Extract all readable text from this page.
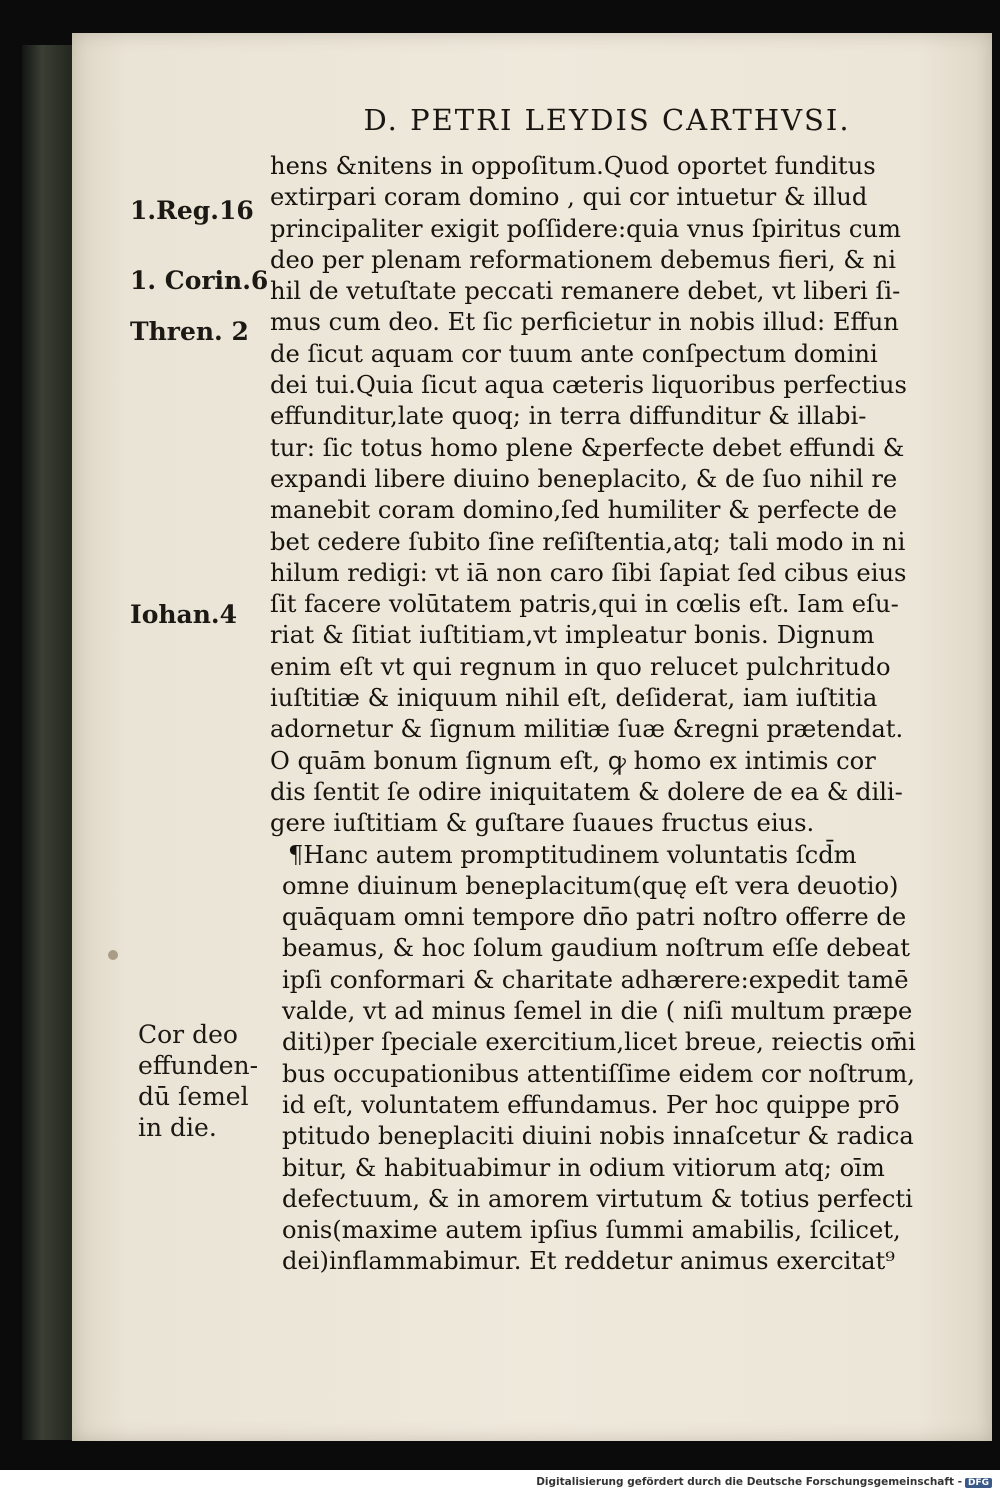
D. PETRI LEYDIS CARTHVSI.
1.Reg.16
1. Corin.6
Thren. 2
Iohan.4
Cor deo
effunden-
dū ſemel
in die.
hens &nitens in oppoſitum.Quod oportet funditus
extirpari coram domino , qui cor intuetur & illud
principaliter exigit poſſidere:quia vnus ſpiritus cum
deo per plenam reformationem debemus fieri, & ni
hil de vetuſtate peccati remanere debet, vt liberi ſi-
mus cum deo. Et ſic perficietur in nobis illud: Effun
de ſicut aquam cor tuum ante conſpectum domini
dei tui.Quia ſicut aqua cæteris liquoribus perfectius
effunditur,late quoq; in terra diffunditur & illabi-
tur: ſic totus homo plene &perfecte debet effundi &
expandi libere diuino beneplacito, & de ſuo nihil re
manebit coram domino,ſed humiliter & perfecte de
bet cedere ſubito ſine reſiſtentia,atq; tali modo in ni
hilum redigi: vt iā non caro ſibi ſapiat ſed cibus eius
ſit facere volūtatem patris,qui in cœlis eſt. Iam eſu-
riat & ſitiat iuſtitiam,vt impleatur bonis. Dignum
enim eſt vt qui regnum in quo relucet pulchritudo
iuſtitiæ & iniquum nihil eſt, deſiderat, iam iuſtitia
adornetur & ſignum militiæ ſuæ &regni prætendat.
O quām bonum ſignum eſt, ꝙ homo ex intimis cor
dis ſentit ſe odire iniquitatem & dolere de ea & dili-
gere iuſtitiam & guſtare ſuaues fructus eius.
¶Hanc autem promptitudinem voluntatis ſcd̄m
omne diuinum beneplacitum(quę eſt vera deuotio)
quāquam omni tempore dn̄o patri noſtro offerre de
beamus, & hoc ſolum gaudium noſtrum eſſe debeat
ipſi conformari & charitate adhærere:expedit tamē
valde, vt ad minus ſemel in die ( niſi multum præpe
diti)per ſpeciale exercitium,licet breue, reiectis om̄i
bus occupationibus attentiſſime eidem cor noſtrum,
id eſt, voluntatem effundamus. Per hoc quippe prō
ptitudo beneplaciti diuini nobis innaſcetur & radica
bitur, & habituabimur in odium vitiorum atq; oīm
defectuum, & in amorem virtutum & totius perfecti
onis(maxime autem ipſius ſummi amabilis, ſcilicet,
dei)inflammabimur. Et reddetur animus exercitat⁹
Digitalisierung gefördert durch die Deutsche Forschungsgemeinschaft - DFG
